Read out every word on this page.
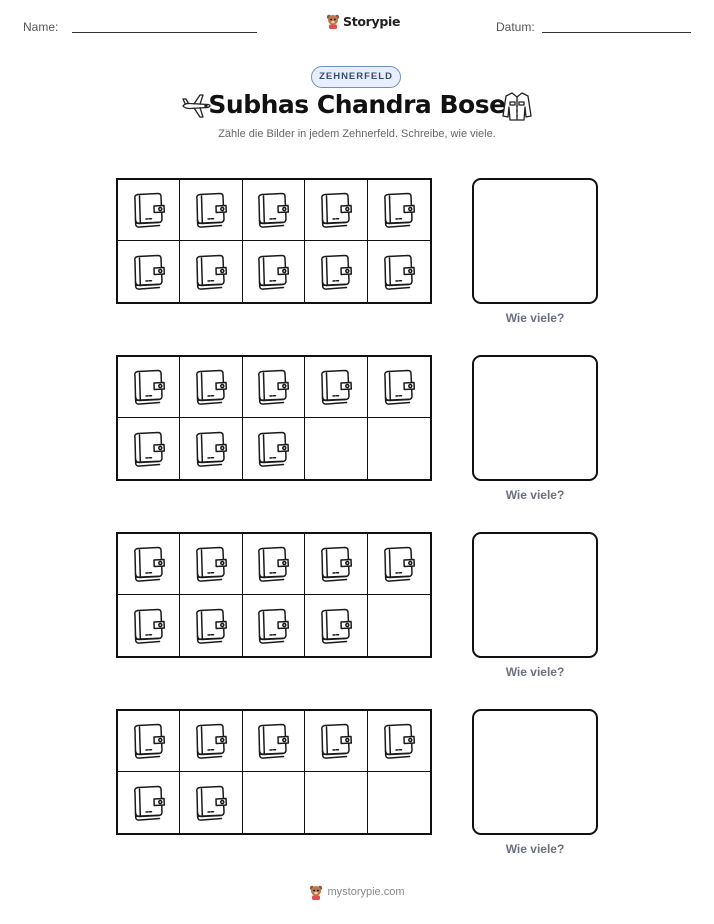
Name:	Storypie	Datum:
ZEHNERFELD
Subhas Chandra Bose
Zähle die Bilder in jedem Zehnerfeld. Schreibe, wie viele.
Wie viele?
Wie viele?
Wie viele?
Wie viele?
mystorypie.com
